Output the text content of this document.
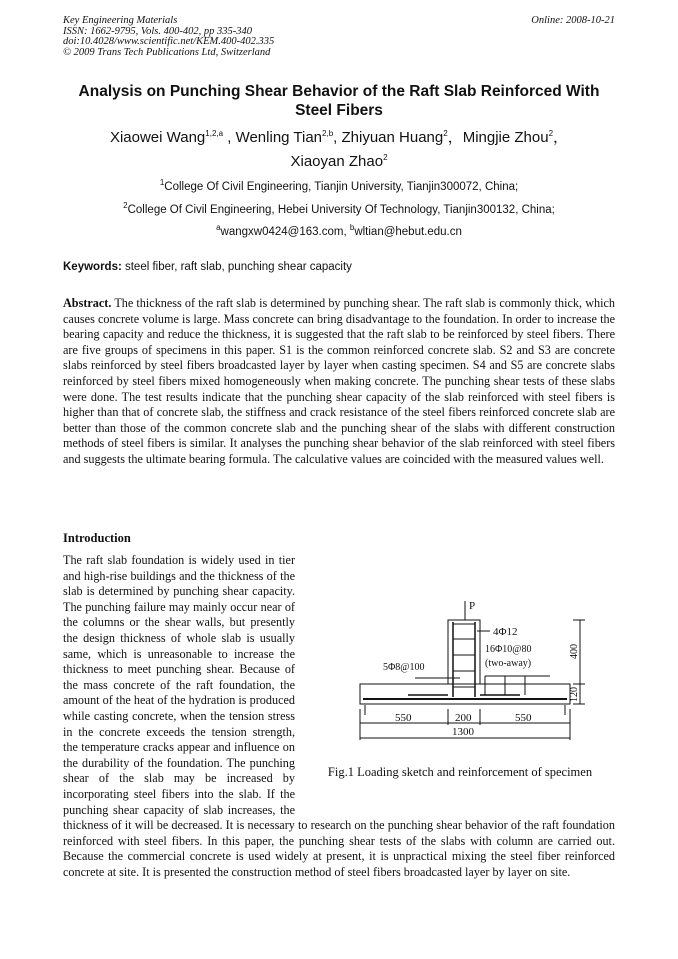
Key Engineering Materials
ISSN: 1662-9795, Vols. 400-402, pp 335-340
doi:10.4028/www.scientific.net/KEM.400-402.335
© 2009 Trans Tech Publications Ltd, Switzerland
Online: 2008-10-21
Analysis on Punching Shear Behavior of the Raft Slab Reinforced With Steel Fibers
Xiaowei Wang$^{1,2,a}$ , Wenling Tian$^{2,b}$, Zhiyuan Huang$^2$，Mingjie Zhou$^2$，
Xiaoyan Zhao$^2$
$^1$College Of Civil Engineering, Tianjin University, Tianjin300072, China;
$^2$College Of Civil Engineering, Hebei University Of Technology, Tianjin300132, China;
$^a$wangxw0424@163.com, $^b$wltian@hebut.edu.cn
Keywords: steel fiber, raft slab, punching shear capacity
Abstract. The thickness of the raft slab is determined by punching shear. The raft slab is commonly thick, which causes concrete volume is large. Mass concrete can bring disadvantage to the foundation. In order to increase the bearing capacity and reduce the thickness, it is suggested that the raft slab to be reinforced by steel fibers. There are five groups of specimens in this paper. S1 is the common reinforced concrete slab. S2 and S3 are concrete slabs reinforced by steel fibers broadcasted layer by layer when casting specimen. S4 and S5 are concrete slabs reinforced by steel fibers mixed homogeneously when making concrete. The punching shear tests of these slabs were done. The test results indicate that the punching shear capacity of the slab reinforced with steel fibers is higher than that of concrete slab, the stiffness and crack resistance of the steel fibers reinforced concrete slab are better than those of the common concrete slab and the punching shear of the slabs with different construction methods of steel fibers is similar. It analyses the punching shear behavior of the slab reinforced with steel fibers and suggests the ultimate bearing formula. The calculative values are coincided with the measured values well.
Introduction
P
4Φ12
16Φ10@80
(two-away)
5Φ8@100
400
120
550	200	550
1300
Fig.1 Loading sketch and reinforcement of specimen
The raft slab foundation is widely used in tier and high-rise buildings and the thickness of the slab is determined by punching shear capacity. The punching failure may mainly occur near of the columns or the shear walls, but presently the design thickness of whole slab is usually same, which is unreasonable to increase the thickness to meet punching shear. Because of the mass concrete of the raft foundation, the amount of the heat of the hydration is produced while casting concrete, when the tension stress in the concrete exceeds the tension strength, the temperature cracks appear and influence on the durability of the foundation. The punching shear of the slab may be increased by incorporating steel fibers into the slab. If the punching shear capacity of slab increases, the thickness of it will be decreased. It is necessary to research on the punching shear behavior of the raft foundation reinforced with steel fibers. In this paper, the punching shear tests of the slabs with column are carried out. Because the commercial concrete is used widely at present, it is unpractical mixing the steel fiber reinforced concrete at site. It is presented the construction method of steel fibers broadcasted layer by layer on site.
